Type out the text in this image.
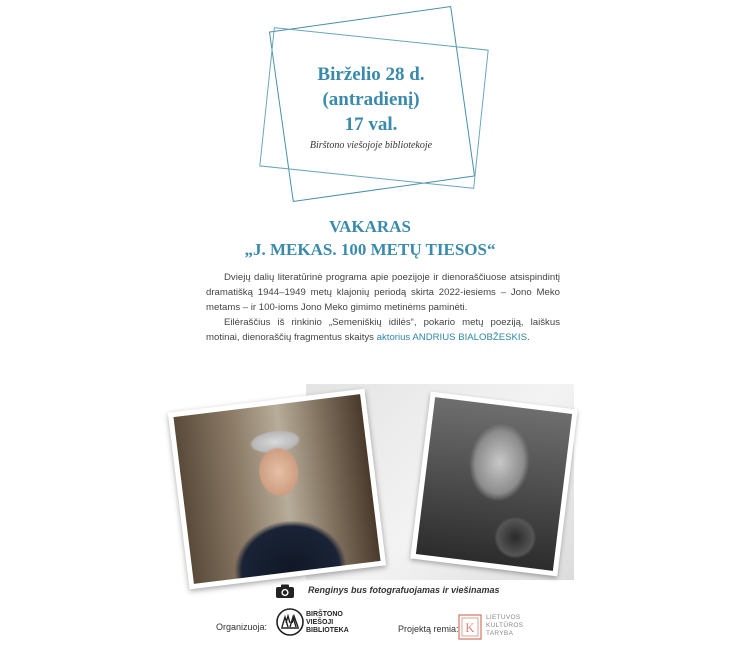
Birželio 28 d.
(antradienį)
17 val.
Birštono viešojoje bibliotekoje
VAKARAS
„J. MEKAS. 100 METŲ TIESOS“

Dviejų dalių literatūrinė programa apie poezijoje ir dienoraščiuose atsispindintį dramatišką 1944–1949 metų klajonių periodą skirta 2022-iesiems – Jono Meko metams – ir 100-ioms Jono Meko gimimo metinėms paminėti.

Eilėraščius iš rinkinio „Semeniškių idilės“, pokario metų poeziją, laiškus motinai, dienoraščių fragmentus skaitys aktorius ANDRIUS BIALOBŽESKIS.

Renginys bus fotografuojamas ir viešinamas
Organizuoja:
BIRŠTONO
VIEŠOJI BIBLIOTEKA	Projektą remia: K
LIETUVOS
KULTŪROS
TARYBA
